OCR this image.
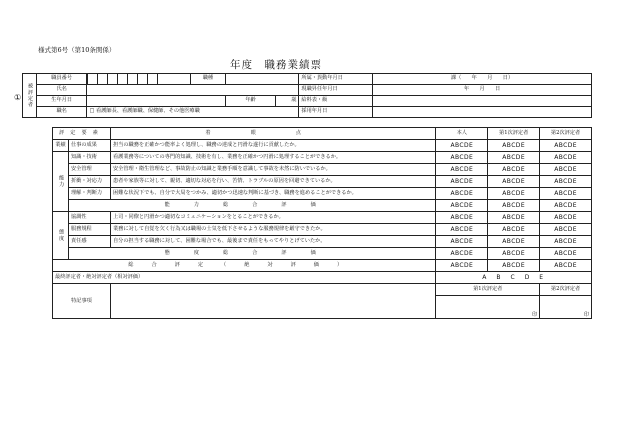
様式第6号（第10条関係）
年度　職務業績票
① 被評定者	職員番号		職種			所属・異動年月日	課（　　年　　月　　日）
	氏名					現職昇任年月日	年　　月　　日
	生年月日			年齢	歳	給料表・級	
	職名	□ 看護師長、看護師職、保健師、その他医療職				採用年月日	
評定要素		着眼点	本人	第1次評定者	第2次評定者
業績	仕事の成果	担当の職務を正確かつ能率よく処理し、職務の達成と円滑な遂行に貢献したか。	ABCDE	ABCDE	ABCDE
能力	知識・技術	看護業務等についての専門的知識、技術を有し、業務を正確かつ円滑に処理することができるか。	ABCDE	ABCDE	ABCDE
	安全管理	安全管理・衛生管理など、事故防止の知識と業務手順を意識して事故を未然に防いでいるか。	ABCDE	ABCDE	ABCDE
	折衝・対応力	患者や家族等に対して、親切、適切な対応を行い、苦情、トラブルの原因を回避できているか。	ABCDE	ABCDE	ABCDE
	理解・判断力	困難な状況下でも、自分で大局をつかみ、適切かつ迅速な判断に基づき、職務を進めることができるか。	ABCDE	ABCDE	ABCDE
	能力総合評価		ABCDE	ABCDE	ABCDE
態度	協調性	上司・同僚と円滑かつ適切なコミュニケーションをとることができるか。	ABCDE	ABCDE	ABCDE
	服務規程	業務に対して自覚を欠く行為又は職場の士気を低下させるような服務規律を厳守できたか。	ABCDE	ABCDE	ABCDE
	責任感	自分の担当する職務に対して、困難な場合でも、最後まで責任をもってやりとげていたか。	ABCDE	ABCDE	ABCDE
	態度総合評価		ABCDE	ABCDE	ABCDE
総合評定（絶対評価）			ABCDE	ABCDE	ABCDE
最終評定者・絶対評定者（相対評価）			A　B　C　D　E		
特記事項			第1次評定者		第2次評定者
			印		印
